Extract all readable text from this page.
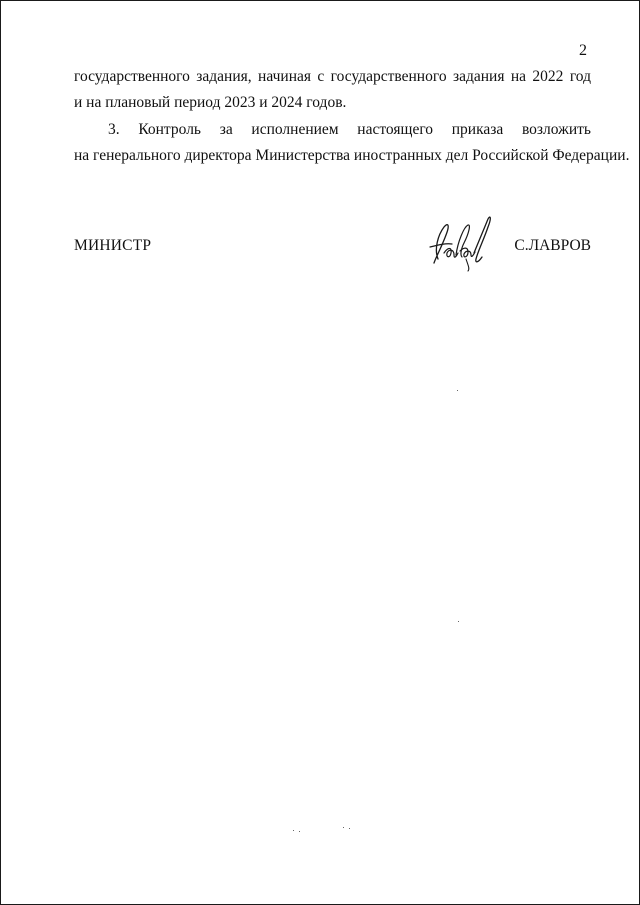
2
государственного задания, начиная с государственного задания на 2022 год
и на плановый период 2023 и 2024 годов.
3. Контроль за исполнением настоящего приказа возложить
на генерального директора Министерства иностранных дел Российской Федерации.
МИНИСТР	С.ЛАВРОВ
